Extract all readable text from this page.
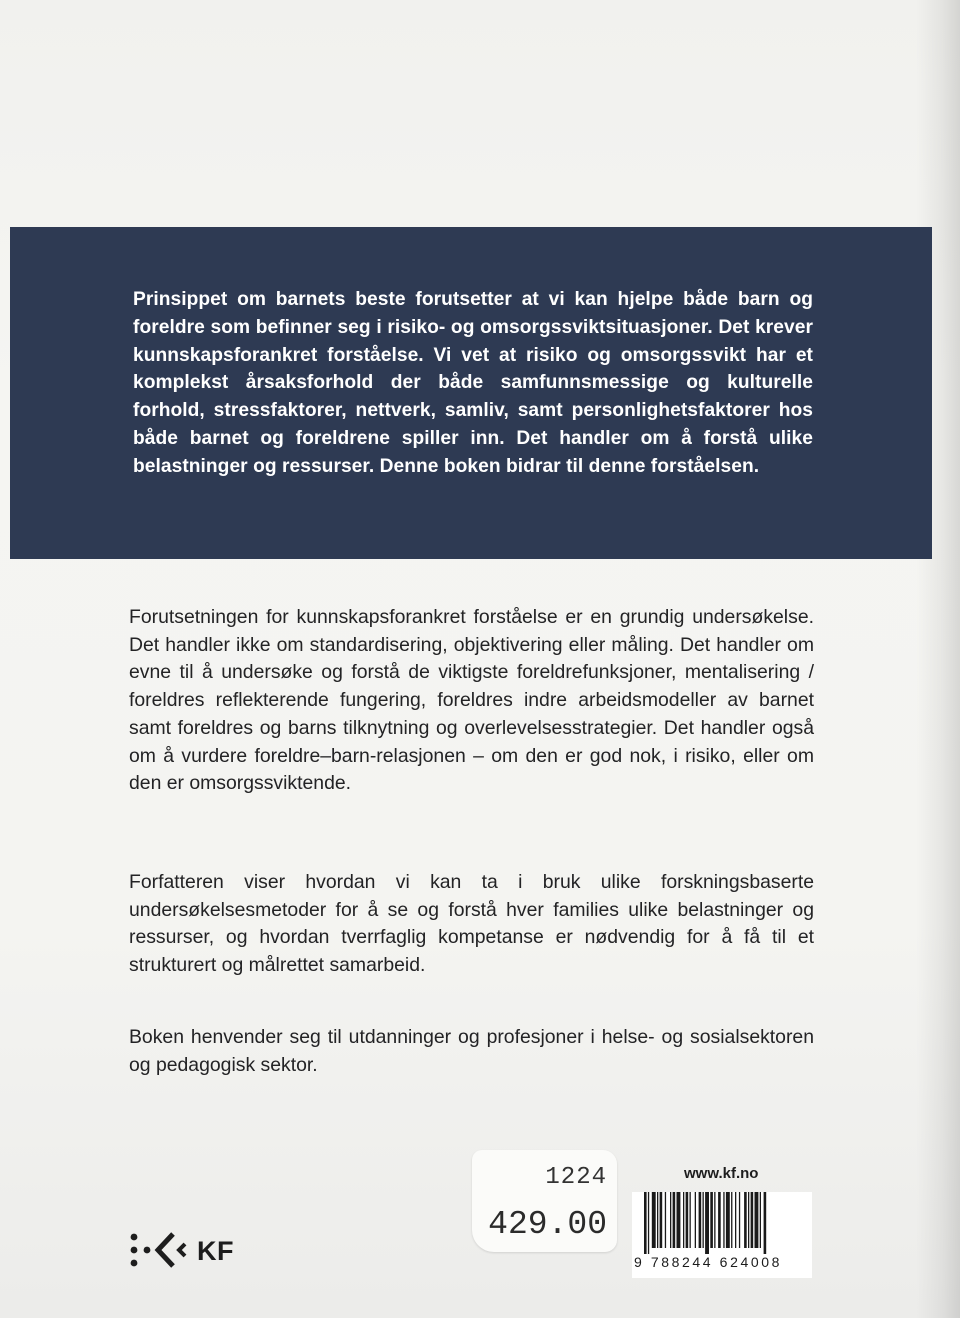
Prinsippet om barnets beste forutsetter at vi kan hjelpe både barn og foreldre som befinner seg i risiko- og omsorgssviktsituasjoner. Det krever kunnskapsforankret forståelse. Vi vet at risiko og omsorgssvikt har et komplekst årsaksforhold der både samfunnsmessige og kulturelle forhold, stressfaktorer, nettverk, samliv, samt personlighetsfaktorer hos både barnet og foreldrene spiller inn. Det handler om å forstå ulike belastninger og ressurser. Denne boken bidrar til denne forståelsen.
Forutsetningen for kunnskapsforankret forståelse er en grundig undersøkelse. Det handler ikke om standardisering, objektivering eller måling. Det handler om evne til å undersøke og forstå de viktigste foreldrefunksjoner, mentalisering / foreldres reflekterende fungering, foreldres indre arbeidsmodeller av barnet samt foreldres og barns tilknytning og overlevelsesstrategier. Det handler også om å vurdere foreldre–barn-relasjonen – om den er god nok, i risiko, eller om den er omsorgssviktende.
Forfatteren viser hvordan vi kan ta i bruk ulike forskningsbaserte undersøkelsesmetoder for å se og forstå hver families ulike belastninger og ressurser, og hvordan tverrfaglig kompetanse er nødvendig for å få til et strukturert og målrettet samarbeid.
Boken henvender seg til utdanninger og profesjoner i helse- og sosialsektoren og pedagogisk sektor.
1224
429.00
www.kf.no
9 788244 624008
KF
